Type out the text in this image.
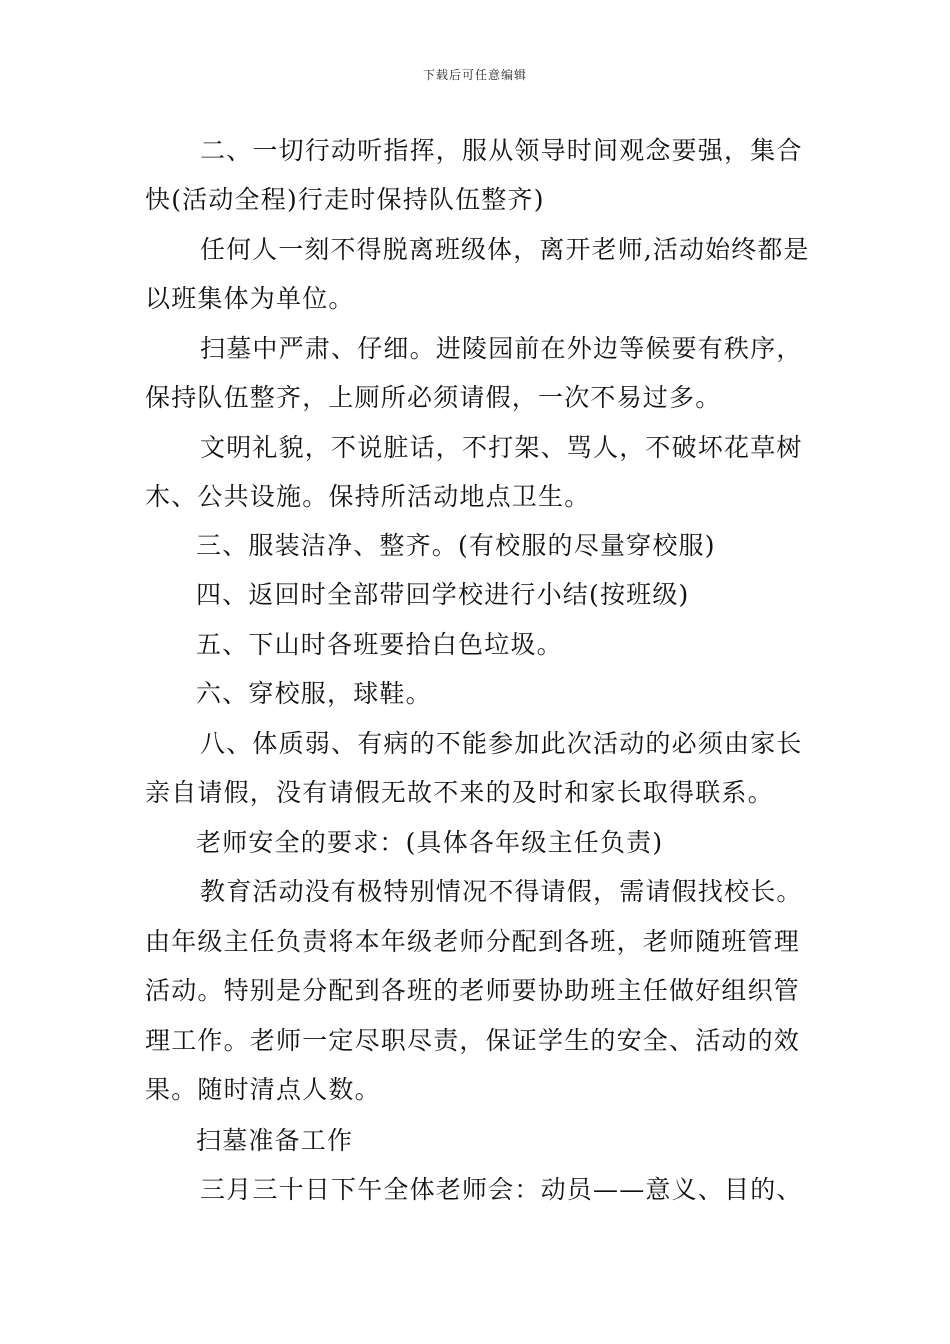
下载后可任意编辑
二、一切行动听指挥，服从领导时间观念要强，集合
快(活动全程)行走时保持队伍整齐)
任何人一刻不得脱离班级体，离开老师,活动始终都是
以班集体为单位。
扫墓中严肃、仔细。进陵园前在外边等候要有秩序，
保持队伍整齐，上厕所必须请假，一次不易过多。
文明礼貌，不说脏话，不打架、骂人，不破坏花草树
木、公共设施。保持所活动地点卫生。
三、服装洁净、整齐。(有校服的尽量穿校服)
四、返回时全部带回学校进行小结(按班级)
五、下山时各班要拾白色垃圾。
六、穿校服，球鞋。
八、体质弱、有病的不能参加此次活动的必须由家长
亲自请假，没有请假无故不来的及时和家长取得联系。
老师安全的要求：(具体各年级主任负责)
教育活动没有极特别情况不得请假，需请假找校长。
由年级主任负责将本年级老师分配到各班，老师随班管理
活动。特别是分配到各班的老师要协助班主任做好组织管
理工作。老师一定尽职尽责，保证学生的安全、活动的效
果。随时清点人数。
扫墓准备工作
三月三十日下午全体老师会：动员——意义、目的、
